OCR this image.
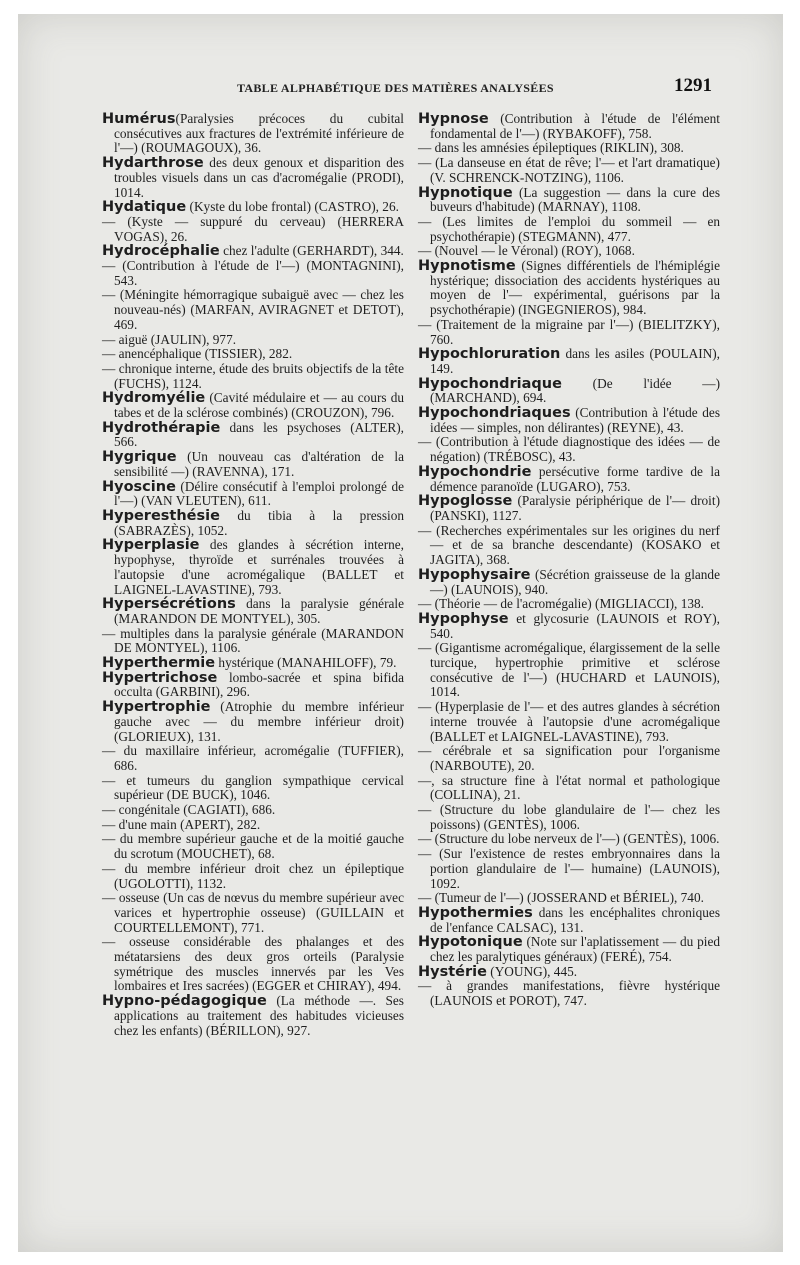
TABLE ALPHABÉTIQUE DES MATIÈRES ANALYSÉES	1291

Humérus(Paralysies précoces du cubital consécutives aux fractures de l'extrémité inférieure de l'—) (ROUMAGOUX), 36.

Hydarthrose des deux genoux et disparition des troubles visuels dans un cas d'acromégalie (PRODI), 1014.

Hydatique (Kyste du lobe frontal) (CASTRO), 26.

— (Kyste — suppuré du cerveau) (HERRERA VOGAS), 26.

Hydrocéphalie chez l'adulte (GERHARDT), 344.

— (Contribution à l'étude de l'—) (MONTAGNINI), 543.

— (Méningite hémorragique subaiguë avec — chez les nouveau-nés) (MARFAN, AVIRAGNET et DETOT), 469.

— aiguë (JAULIN), 977.

— anencéphalique (TISSIER), 282.

— chronique interne, étude des bruits objectifs de la tête (FUCHS), 1124.

Hydromyélie (Cavité médulaire et — au cours du tabes et de la sclérose combinés) (CROUZON), 796.

Hydrothérapie dans les psychoses (ALTER), 566.

Hygrique (Un nouveau cas d'altération de la sensibilité —) (RAVENNA), 171.

Hyoscine (Délire consécutif à l'emploi prolongé de l'—) (VAN VLEUTEN), 611.

Hyperesthésie du tibia à la pression (SABRAZÈS), 1052.

Hyperplasie des glandes à sécrétion interne, hypophyse, thyroïde et surrénales trouvées à l'autopsie d'une acromégalique (BALLET et LAIGNEL-LAVASTINE), 793.

Hypersécrétions dans la paralysie générale (MARANDON DE MONTYEL), 305.

— multiples dans la paralysie générale (MARANDON DE MONTYEL), 1106.

Hyperthermie hystérique (MANAHILOFF), 79.

Hypertrichose lombo-sacrée et spina bifida occulta (GARBINI), 296.

Hypertrophie (Atrophie du membre inférieur gauche avec — du membre inférieur droit) (GLORIEUX), 131.

— du maxillaire inférieur, acromégalie (TUFFIER), 686.

— et tumeurs du ganglion sympathique cervical supérieur (DE BUCK), 1046.

— congénitale (CAGIATI), 686.

— d'une main (APERT), 282.

— du membre supérieur gauche et de la moitié gauche du scrotum (MOUCHET), 68.

— du membre inférieur droit chez un épileptique (UGOLOTTI), 1132.

— osseuse (Un cas de nœvus du membre supérieur avec varices et hypertrophie osseuse) (GUILLAIN et COURTELLEMONT), 771.

— osseuse considérable des phalanges et des métatarsiens des deux gros orteils (Paralysie symétrique des muscles innervés par les Ves lombaires et Ires sacrées) (EGGER et CHIRAY), 494.

Hypno-pédagogique (La méthode —. Ses applications au traitement des habitudes vicieuses chez les enfants) (BÉRILLON), 927.

Hypnose (Contribution à l'étude de l'élément fondamental de l'—) (RYBAKOFF), 758.

— dans les amnésies épileptiques (RIKLIN), 308.

— (La danseuse en état de rêve; l'— et l'art dramatique) (V. SCHRENCK-NOTZING), 1106.

Hypnotique (La suggestion — dans la cure des buveurs d'habitude) (MARNAY), 1108.

— (Les limites de l'emploi du sommeil — en psychothérapie) (STEGMANN), 477.

— (Nouvel — le Véronal) (ROY), 1068.

Hypnotisme (Signes différentiels de l'hémiplégie hystérique; dissociation des accidents hystériques au moyen de l'— expérimental, guérisons par la psychothérapie) (INGEGNIEROS), 984.

— (Traitement de la migraine par l'—) (BIELITZKY), 760.

Hypochloruration dans les asiles (POULAIN), 149.

Hypochondriaque (De l'idée —) (MARCHAND), 694.

Hypochondriaques (Contribution à l'étude des idées — simples, non délirantes) (REYNE), 43.

— (Contribution à l'étude diagnostique des idées — de négation) (TRÉBOSC), 43.

Hypochondrie persécutive forme tardive de la démence paranoïde (LUGARO), 753.

Hypoglosse (Paralysie périphérique de l'— droit) (PANSKI), 1127.

— (Recherches expérimentales sur les origines du nerf — et de sa branche descendante) (KOSAKO et JAGITA), 368.

Hypophysaire (Sécrétion graisseuse de la glande —) (LAUNOIS), 940.

— (Théorie — de l'acromégalie) (MIGLIACCI), 138.

Hypophyse et glycosurie (LAUNOIS et ROY), 540.

— (Gigantisme acromégalique, élargissement de la selle turcique, hypertrophie primitive et sclérose consécutive de l'—) (HUCHARD et LAUNOIS), 1014.

— (Hyperplasie de l'— et des autres glandes à sécrétion interne trouvée à l'autopsie d'une acromégalique (BALLET et LAIGNEL-LAVASTINE), 793.

— cérébrale et sa signification pour l'organisme (NARBOUTE), 20.

—, sa structure fine à l'état normal et pathologique (COLLINA), 21.

— (Structure du lobe glandulaire de l'— chez les poissons) (GENTÈS), 1006.

— (Structure du lobe nerveux de l'—) (GENTÈS), 1006.

— (Sur l'existence de restes embryonnaires dans la portion glandulaire de l'— humaine) (LAUNOIS), 1092.

— (Tumeur de l'—) (JOSSERAND et BÉRIEL), 740.

Hypothermies dans les encéphalites chroniques de l'enfance CALSAC), 131.

Hypotonique (Note sur l'aplatissement — du pied chez les paralytiques généraux) (FERÉ), 754.

Hystérie (YOUNG), 445.

— à grandes manifestations, fièvre hystérique (LAUNOIS et POROT), 747.
